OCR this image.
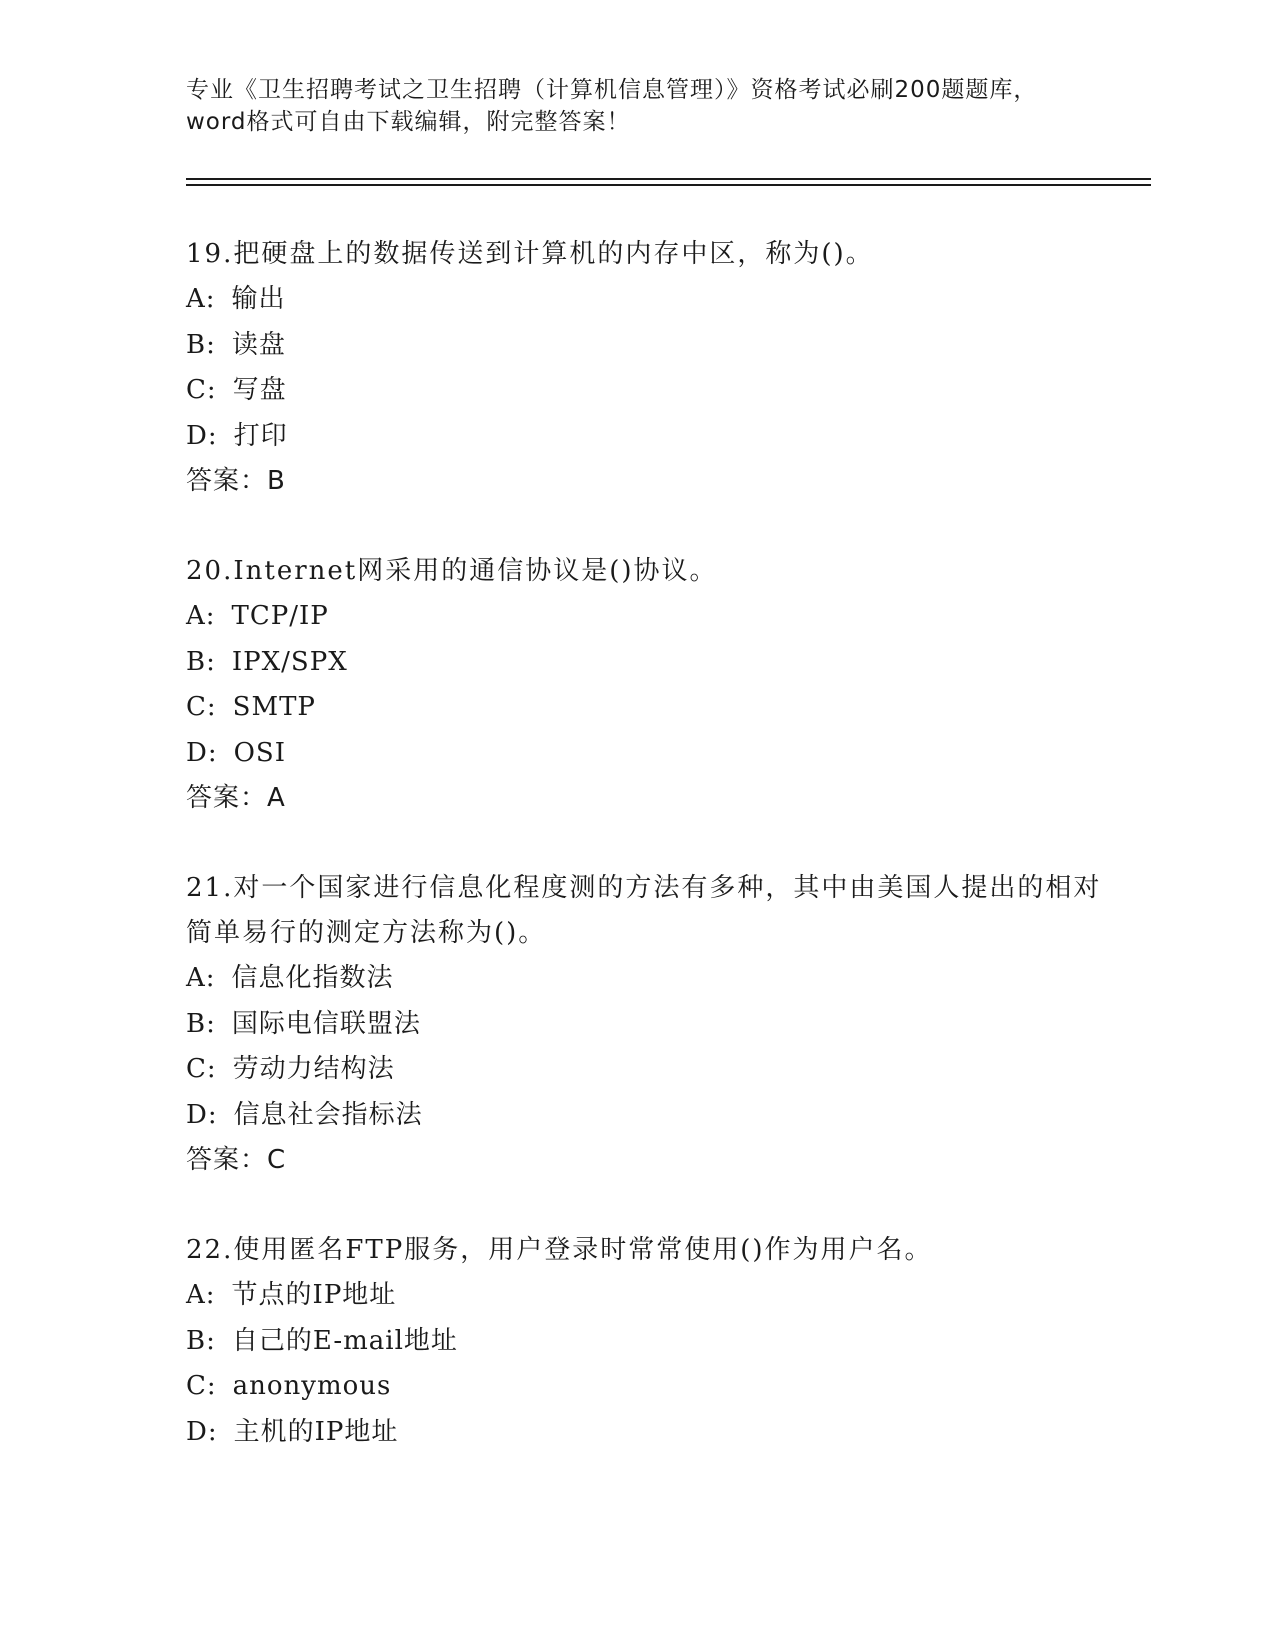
专业《卫生招聘考试之卫生招聘（计算机信息管理）》资格考试必刷200题题库，
word格式可自由下载编辑，附完整答案！

19.把硬盘上的数据传送到计算机的内存中区，称为()。

A: 输出

B: 读盘

C: 写盘

D: 打印

答案：B

20.Internet网采用的通信协议是()协议。

A: TCP/IP

B: IPX/SPX

C: SMTP

D: OSI

答案：A

21.对一个国家进行信息化程度测的方法有多种，其中由美国人提出的相对简单易行的测定方法称为()。

A: 信息化指数法

B: 国际电信联盟法

C: 劳动力结构法

D: 信息社会指标法

答案：C

22.使用匿名FTP服务，用户登录时常常使用()作为用户名。

A: 节点的IP地址

B: 自己的E-mail地址

C: anonymous

D: 主机的IP地址
